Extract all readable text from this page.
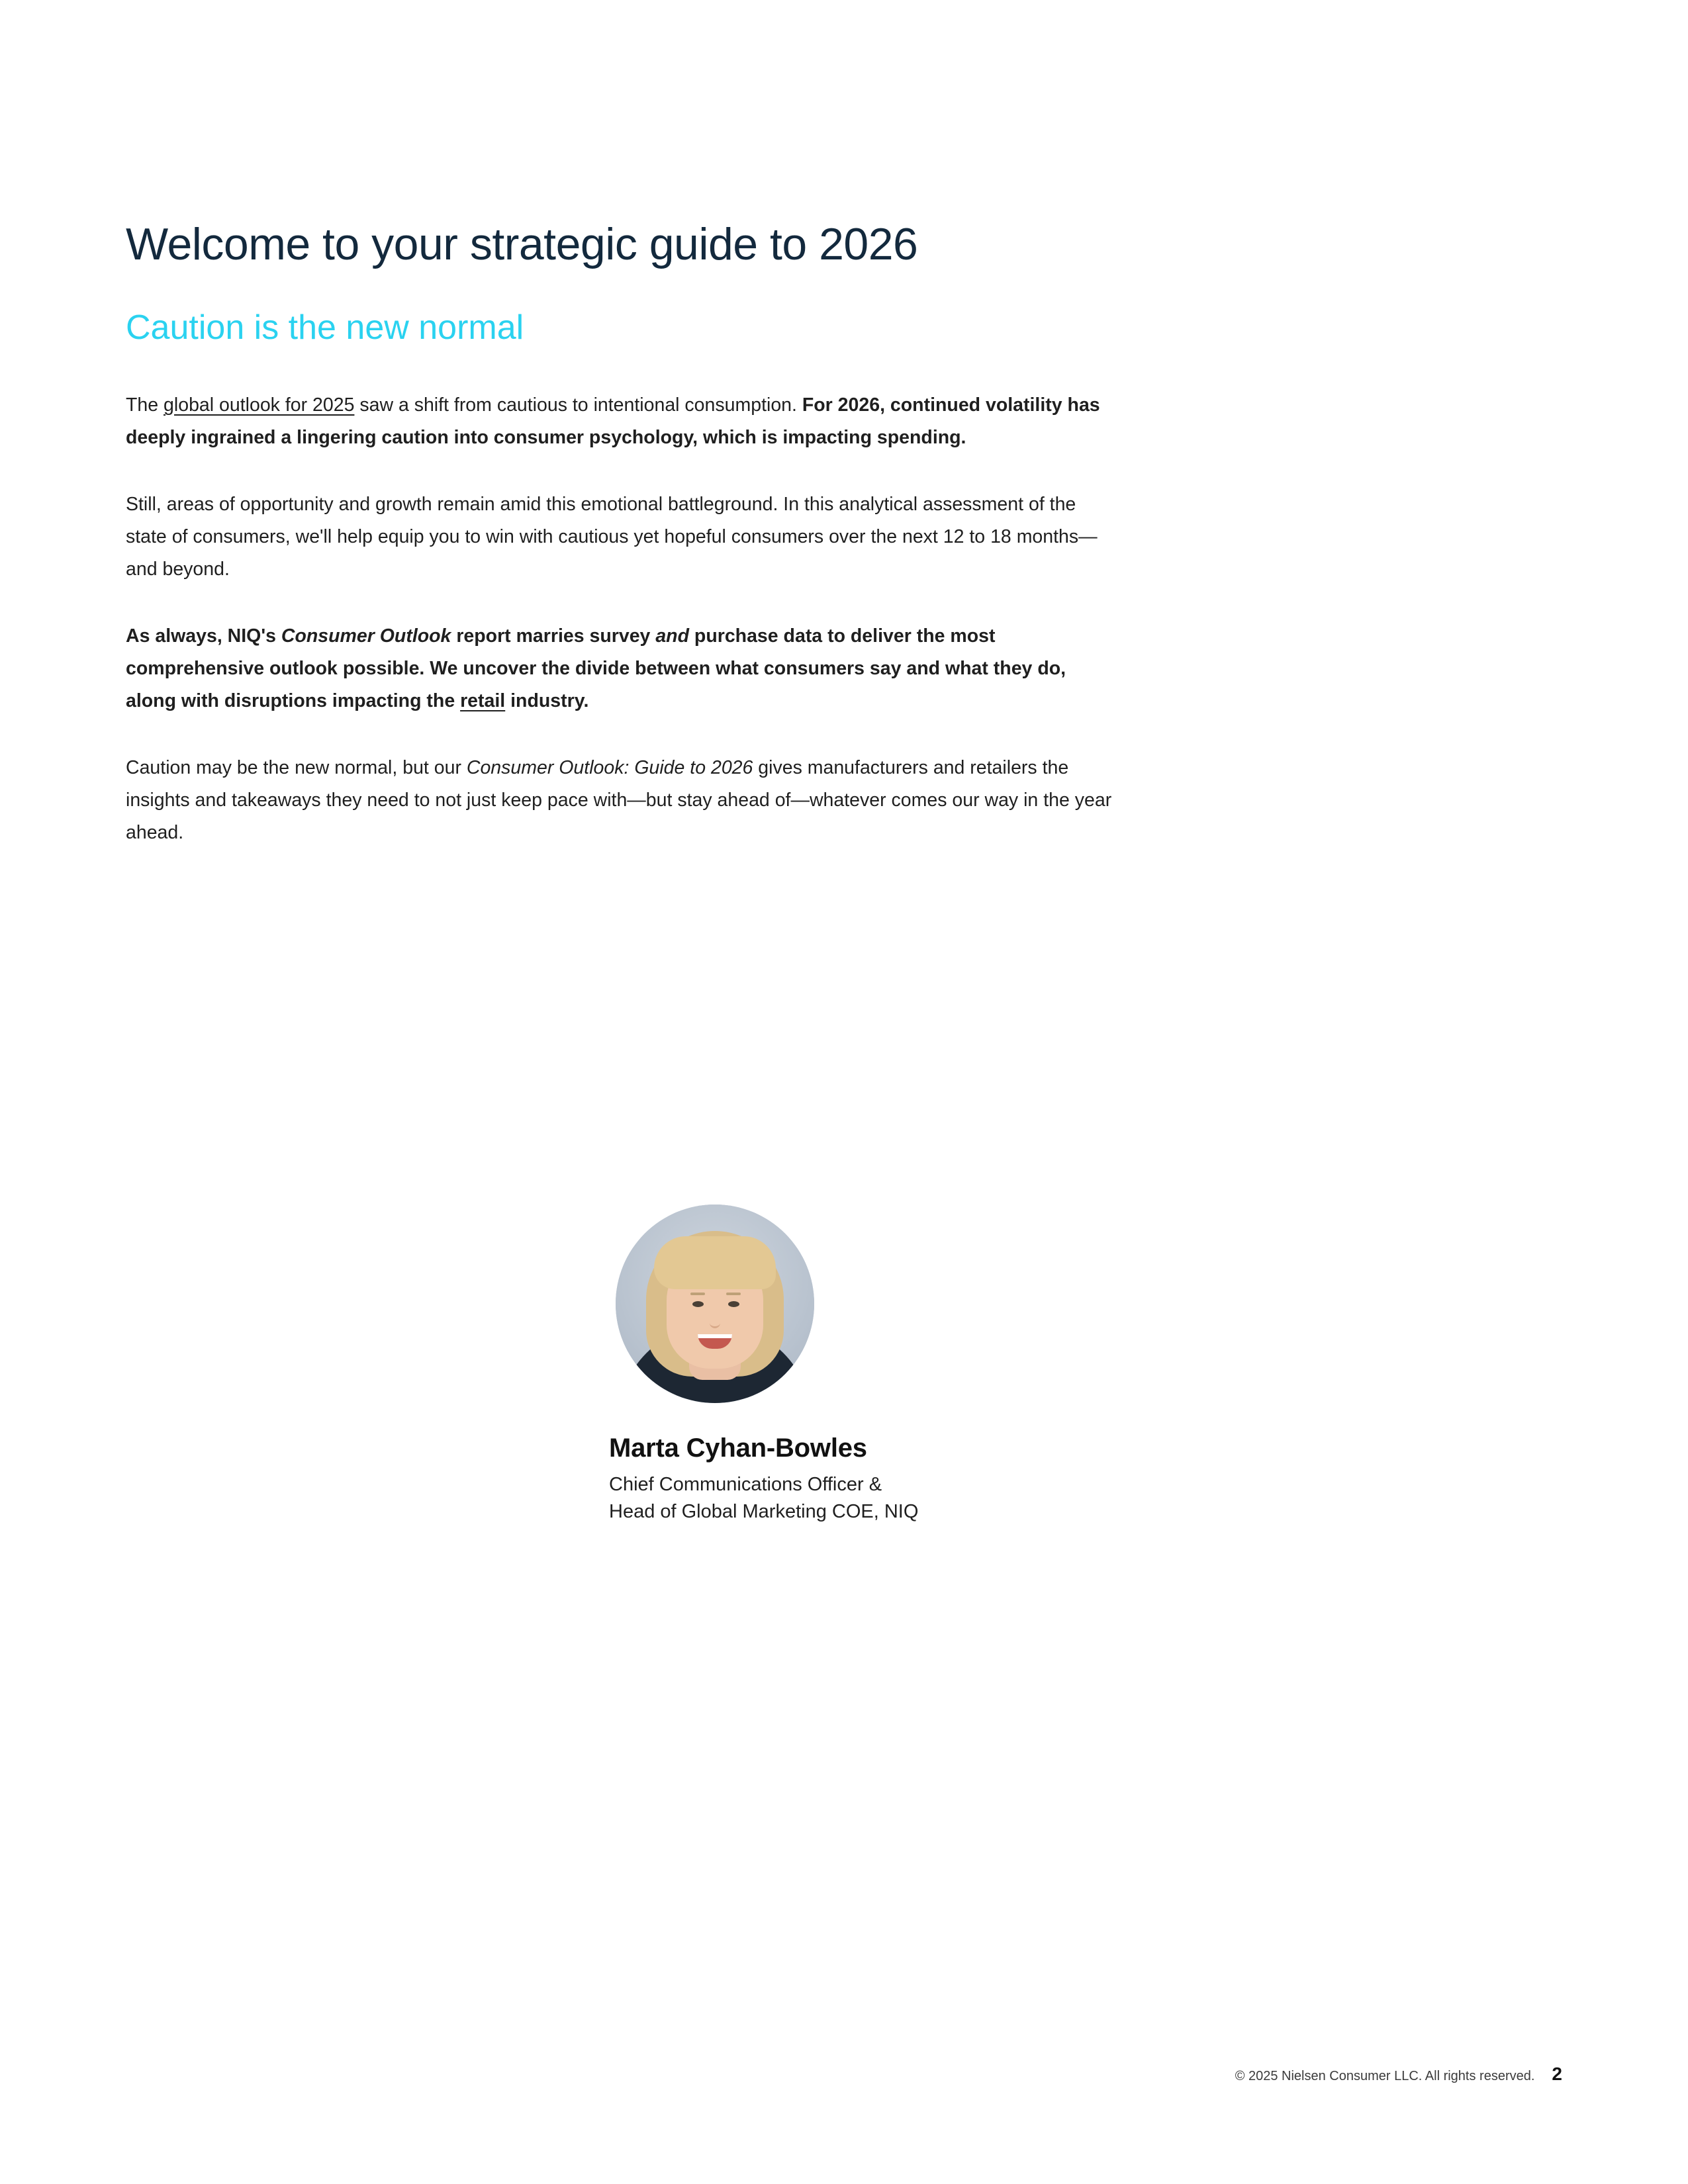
Welcome to your strategic guide to 2026
Caution is the new normal

The global outlook for 2025 saw a shift from cautious to intentional consumption. For 2026, continued volatility has deeply ingrained a lingering caution into consumer psychology, which is impacting spending.

Still, areas of opportunity and growth remain amid this emotional battleground. In this analytical assessment of the state of consumers, we'll help equip you to win with cautious yet hopeful consumers over the next 12 to 18 months—and beyond.

As always, NIQ's Consumer Outlook report marries survey and purchase data to deliver the most comprehensive outlook possible. We uncover the divide between what consumers say and what they do, along with disruptions impacting the retail industry.

Caution may be the new normal, but our Consumer Outlook: Guide to 2026 gives manufacturers and retailers the insights and takeaways they need to not just keep pace with—but stay ahead of—whatever comes our way in the year ahead.

Marta Cyhan-Bowles
Chief Communications Officer &
Head of Global Marketing COE, NIQ
© 2025 Nielsen Consumer LLC. All rights reserved. 2
